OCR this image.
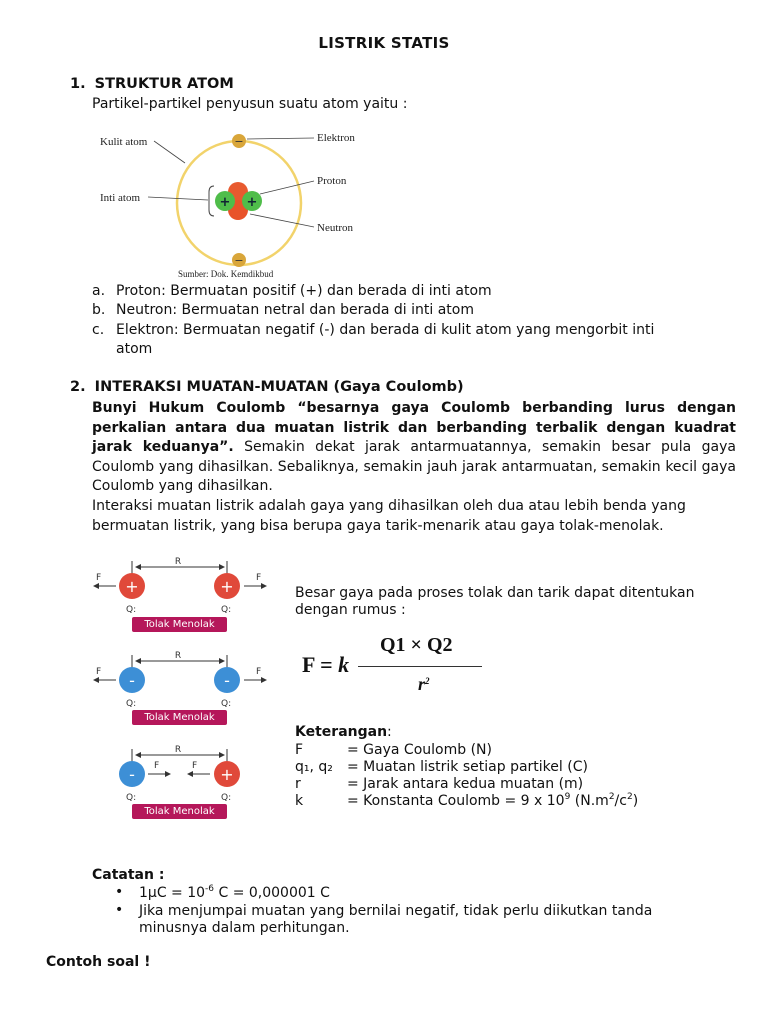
LISTRIK STATIS
1. STRUKTUR ATOM
Partikel-partikel penyusun suatu atom yaitu :
−
−
+ +
Kulit atom
Inti atom
Elektron
Proton
Neutron
Sumber: Dok. Kemdikbud
a. Proton: Bermuatan positif (+) dan berada di inti atom
b. Neutron: Bermuatan netral dan berada di inti atom
c. Elektron: Bermuatan negatif (-) dan berada di kulit atom yang mengorbit inti
atom
2. INTERAKSI MUATAN-MUATAN (Gaya Coulomb)
Bunyi Hukum Coulomb “besarnya gaya Coulomb berbanding lurus dengan perkalian antara dua muatan listrik dan berbanding terbalik dengan kuadrat jarak keduanya”. Semakin dekat jarak antarmuatannya, semakin besar pula gaya Coulomb yang dihasilkan. Sebaliknya, semakin jauh jarak antarmuatan, semakin kecil gaya Coulomb yang dihasilkan.
Interaksi muatan listrik adalah gaya yang dihasilkan oleh dua atau lebih benda yang bermuatan listrik, yang bisa berupa gaya tarik-menarik atau gaya tolak-menolak.
R
F	F
+	+
Q:	Q:
R
F	F
-	-
Q:	Q:
R
F	F
-	+
Q:	Q:
Tolak Menolak
Tolak Menolak
Tolak Menolak
Besar gaya pada proses tolak dan tarik dapat ditentukan dengan rumus :
F = k
Q1 × Q2
$r^2$
Keterangan:
F	= Gaya Coulomb (N)
q₁, q₂ = Muatan listrik setiap partikel (C)
r	= Jarak antara kedua muatan (m)
k	= Konstanta Coulomb = 9 x $10^9$ $(N.m^2/c^2)$
Catatan :
• $1\mu C = 10^{-6}$ C = 0,000001 C
• Jika menjumpai muatan yang bernilai negatif, tidak perlu diikutkan tanda
minusnya dalam perhitungan.
Contoh soal !
